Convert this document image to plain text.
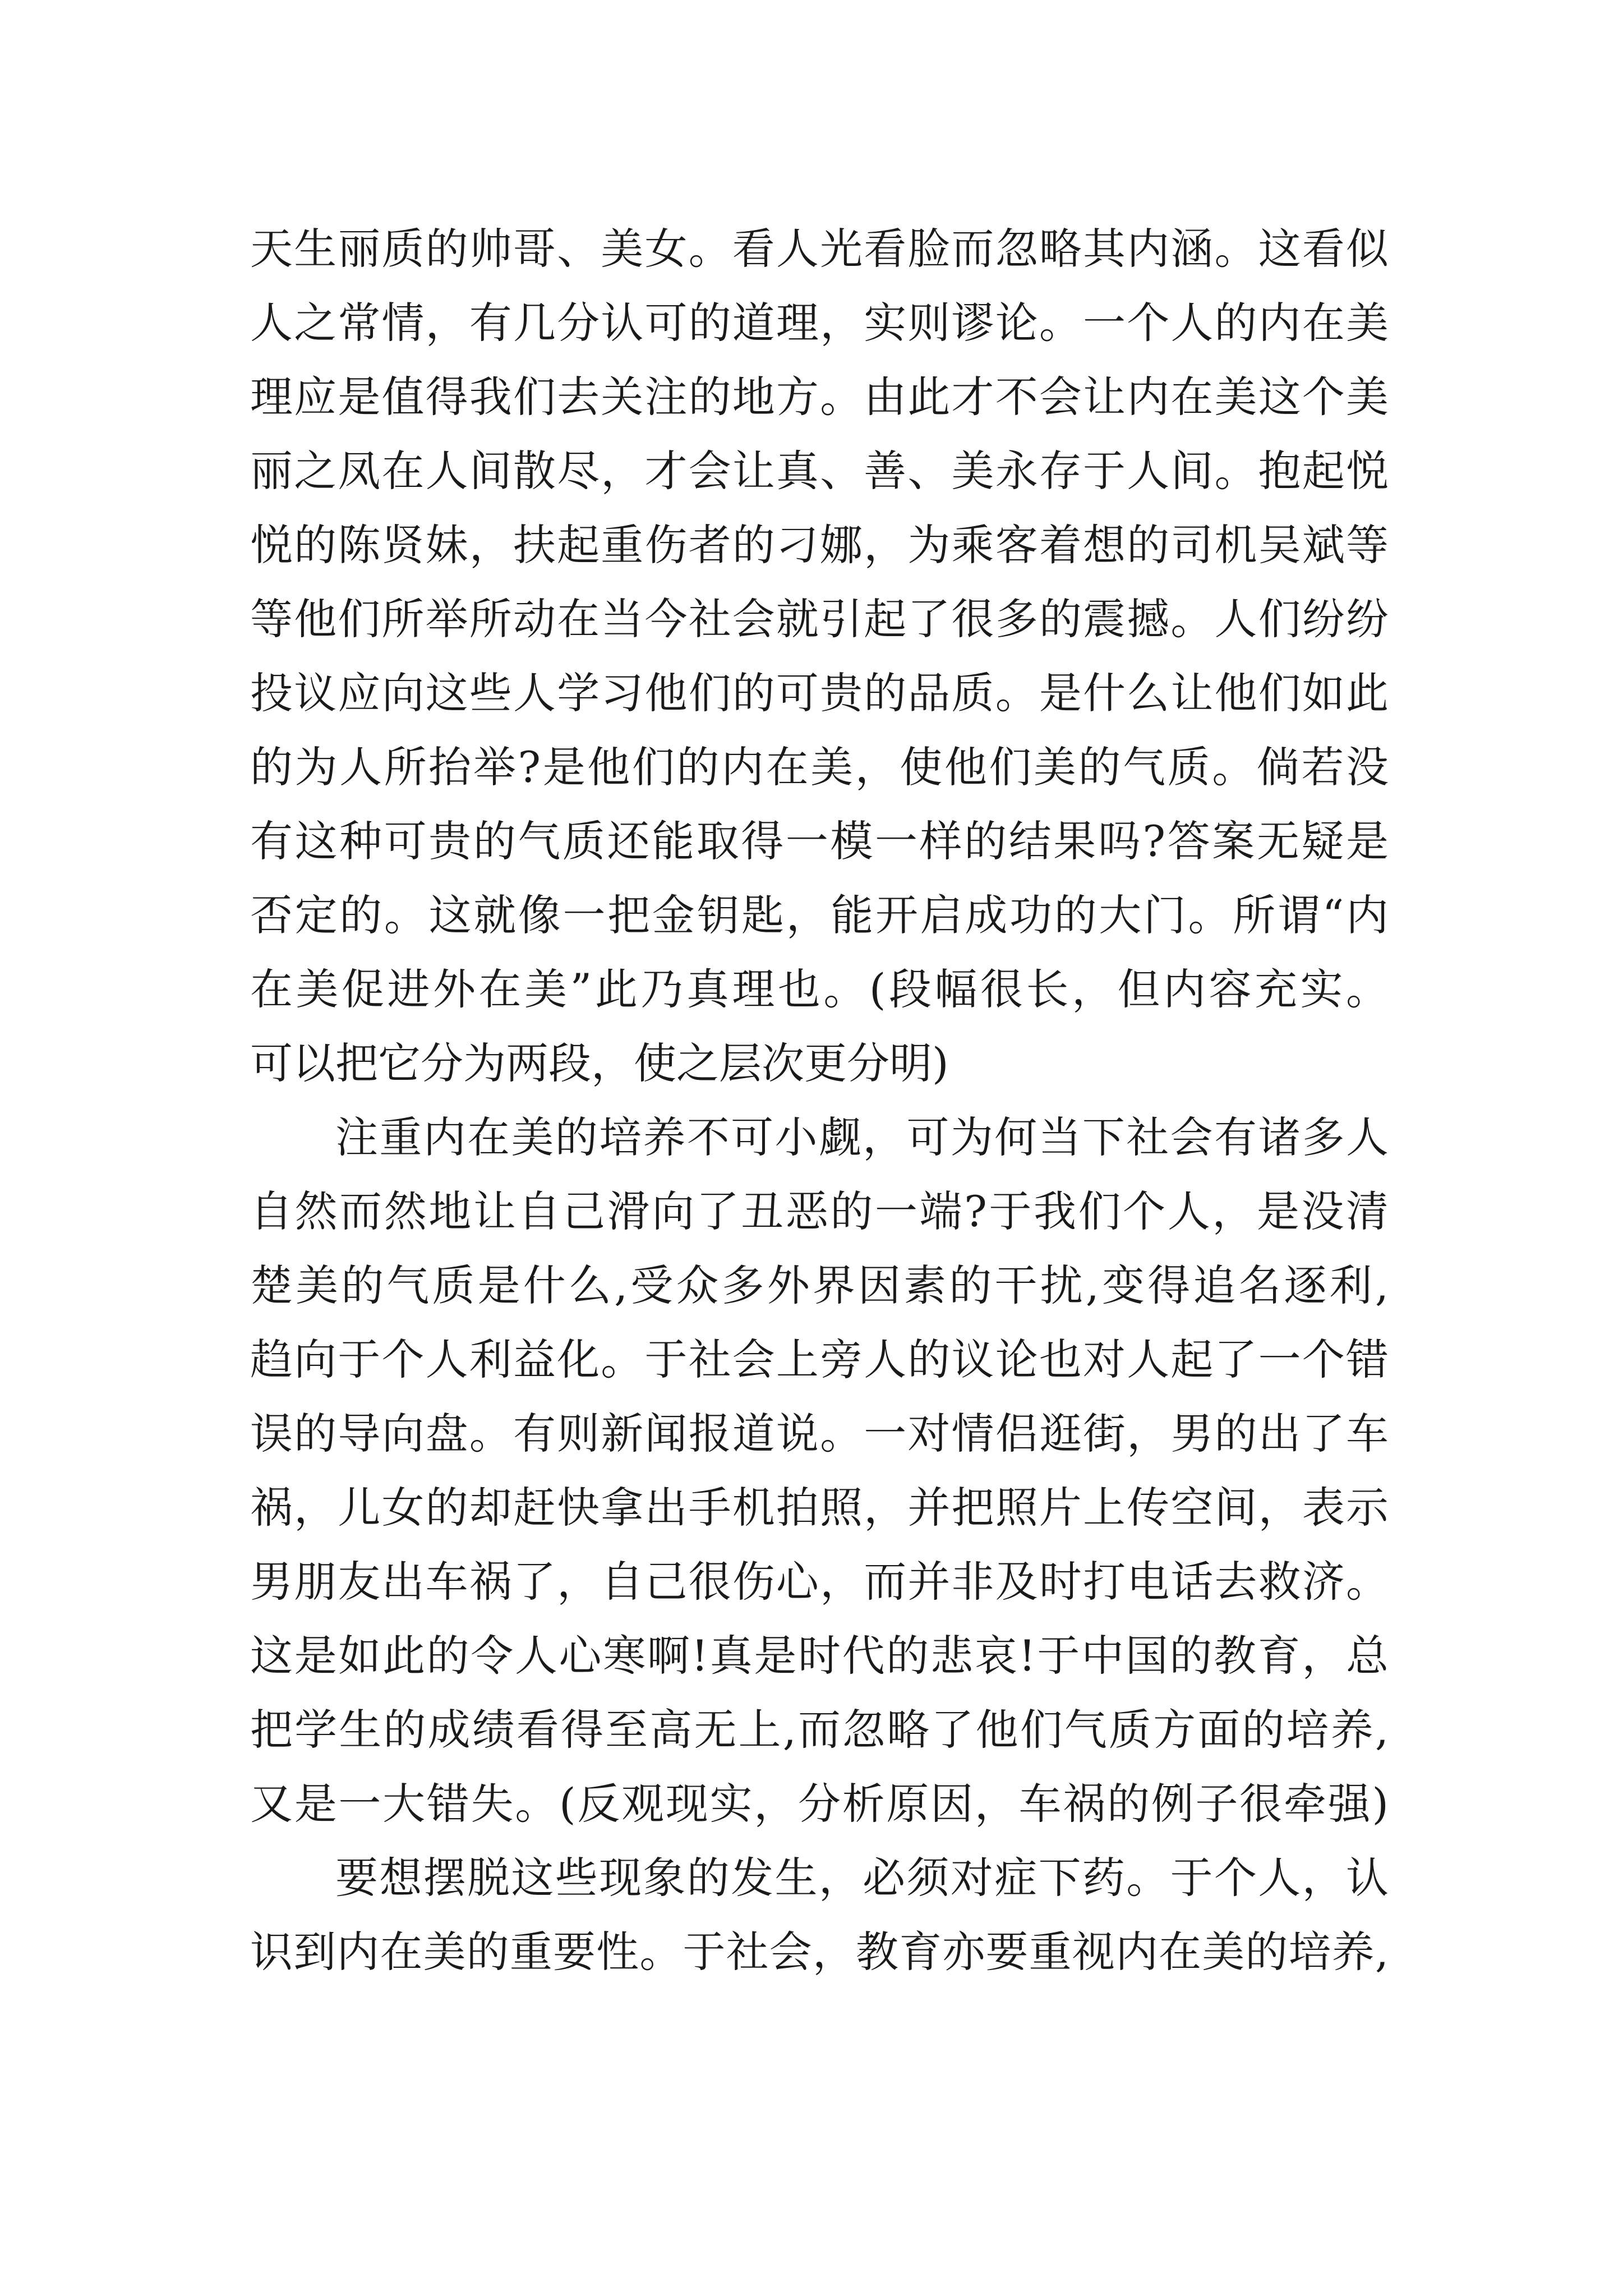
天生丽质的帅哥、美女。看人光看脸而忽略其内涵。这看似
人之常情，有几分认可的道理，实则谬论。一个人的内在美
理应是值得我们去关注的地方。由此才不会让内在美这个美
丽之凤在人间散尽，才会让真、善、美永存于人间。抱起悦
悦的陈贤妹，扶起重伤者的刁娜，为乘客着想的司机吴斌等
等他们所举所动在当今社会就引起了很多的震撼。人们纷纷
投议应向这些人学习他们的可贵的品质。是什么让他们如此
的为人所抬举?是他们的内在美，使他们美的气质。倘若没
有这种可贵的气质还能取得一模一样的结果吗?答案无疑是
否定的。这就像一把金钥匙，能开启成功的大门。所谓“内
在美促进外在美”此乃真理也。(段幅很长，但内容充实。
可以把它分为两段，使之层次更分明)
注重内在美的培养不可小觑，可为何当下社会有诸多人
自然而然地让自己滑向了丑恶的一端?于我们个人，是没清
楚美的气质是什么,受众多外界因素的干扰,变得追名逐利,
趋向于个人利益化。于社会上旁人的议论也对人起了一个错
误的导向盘。有则新闻报道说。一对情侣逛街，男的出了车
祸，儿女的却赶快拿出手机拍照，并把照片上传空间，表示
男朋友出车祸了，自己很伤心，而并非及时打电话去救济。
这是如此的令人心寒啊!真是时代的悲哀!于中国的教育，总
把学生的成绩看得至高无上,而忽略了他们气质方面的培养,
又是一大错失。(反观现实，分析原因，车祸的例子很牵强)
要想摆脱这些现象的发生，必须对症下药。于个人，认
识到内在美的重要性。于社会，教育亦要重视内在美的培养,
